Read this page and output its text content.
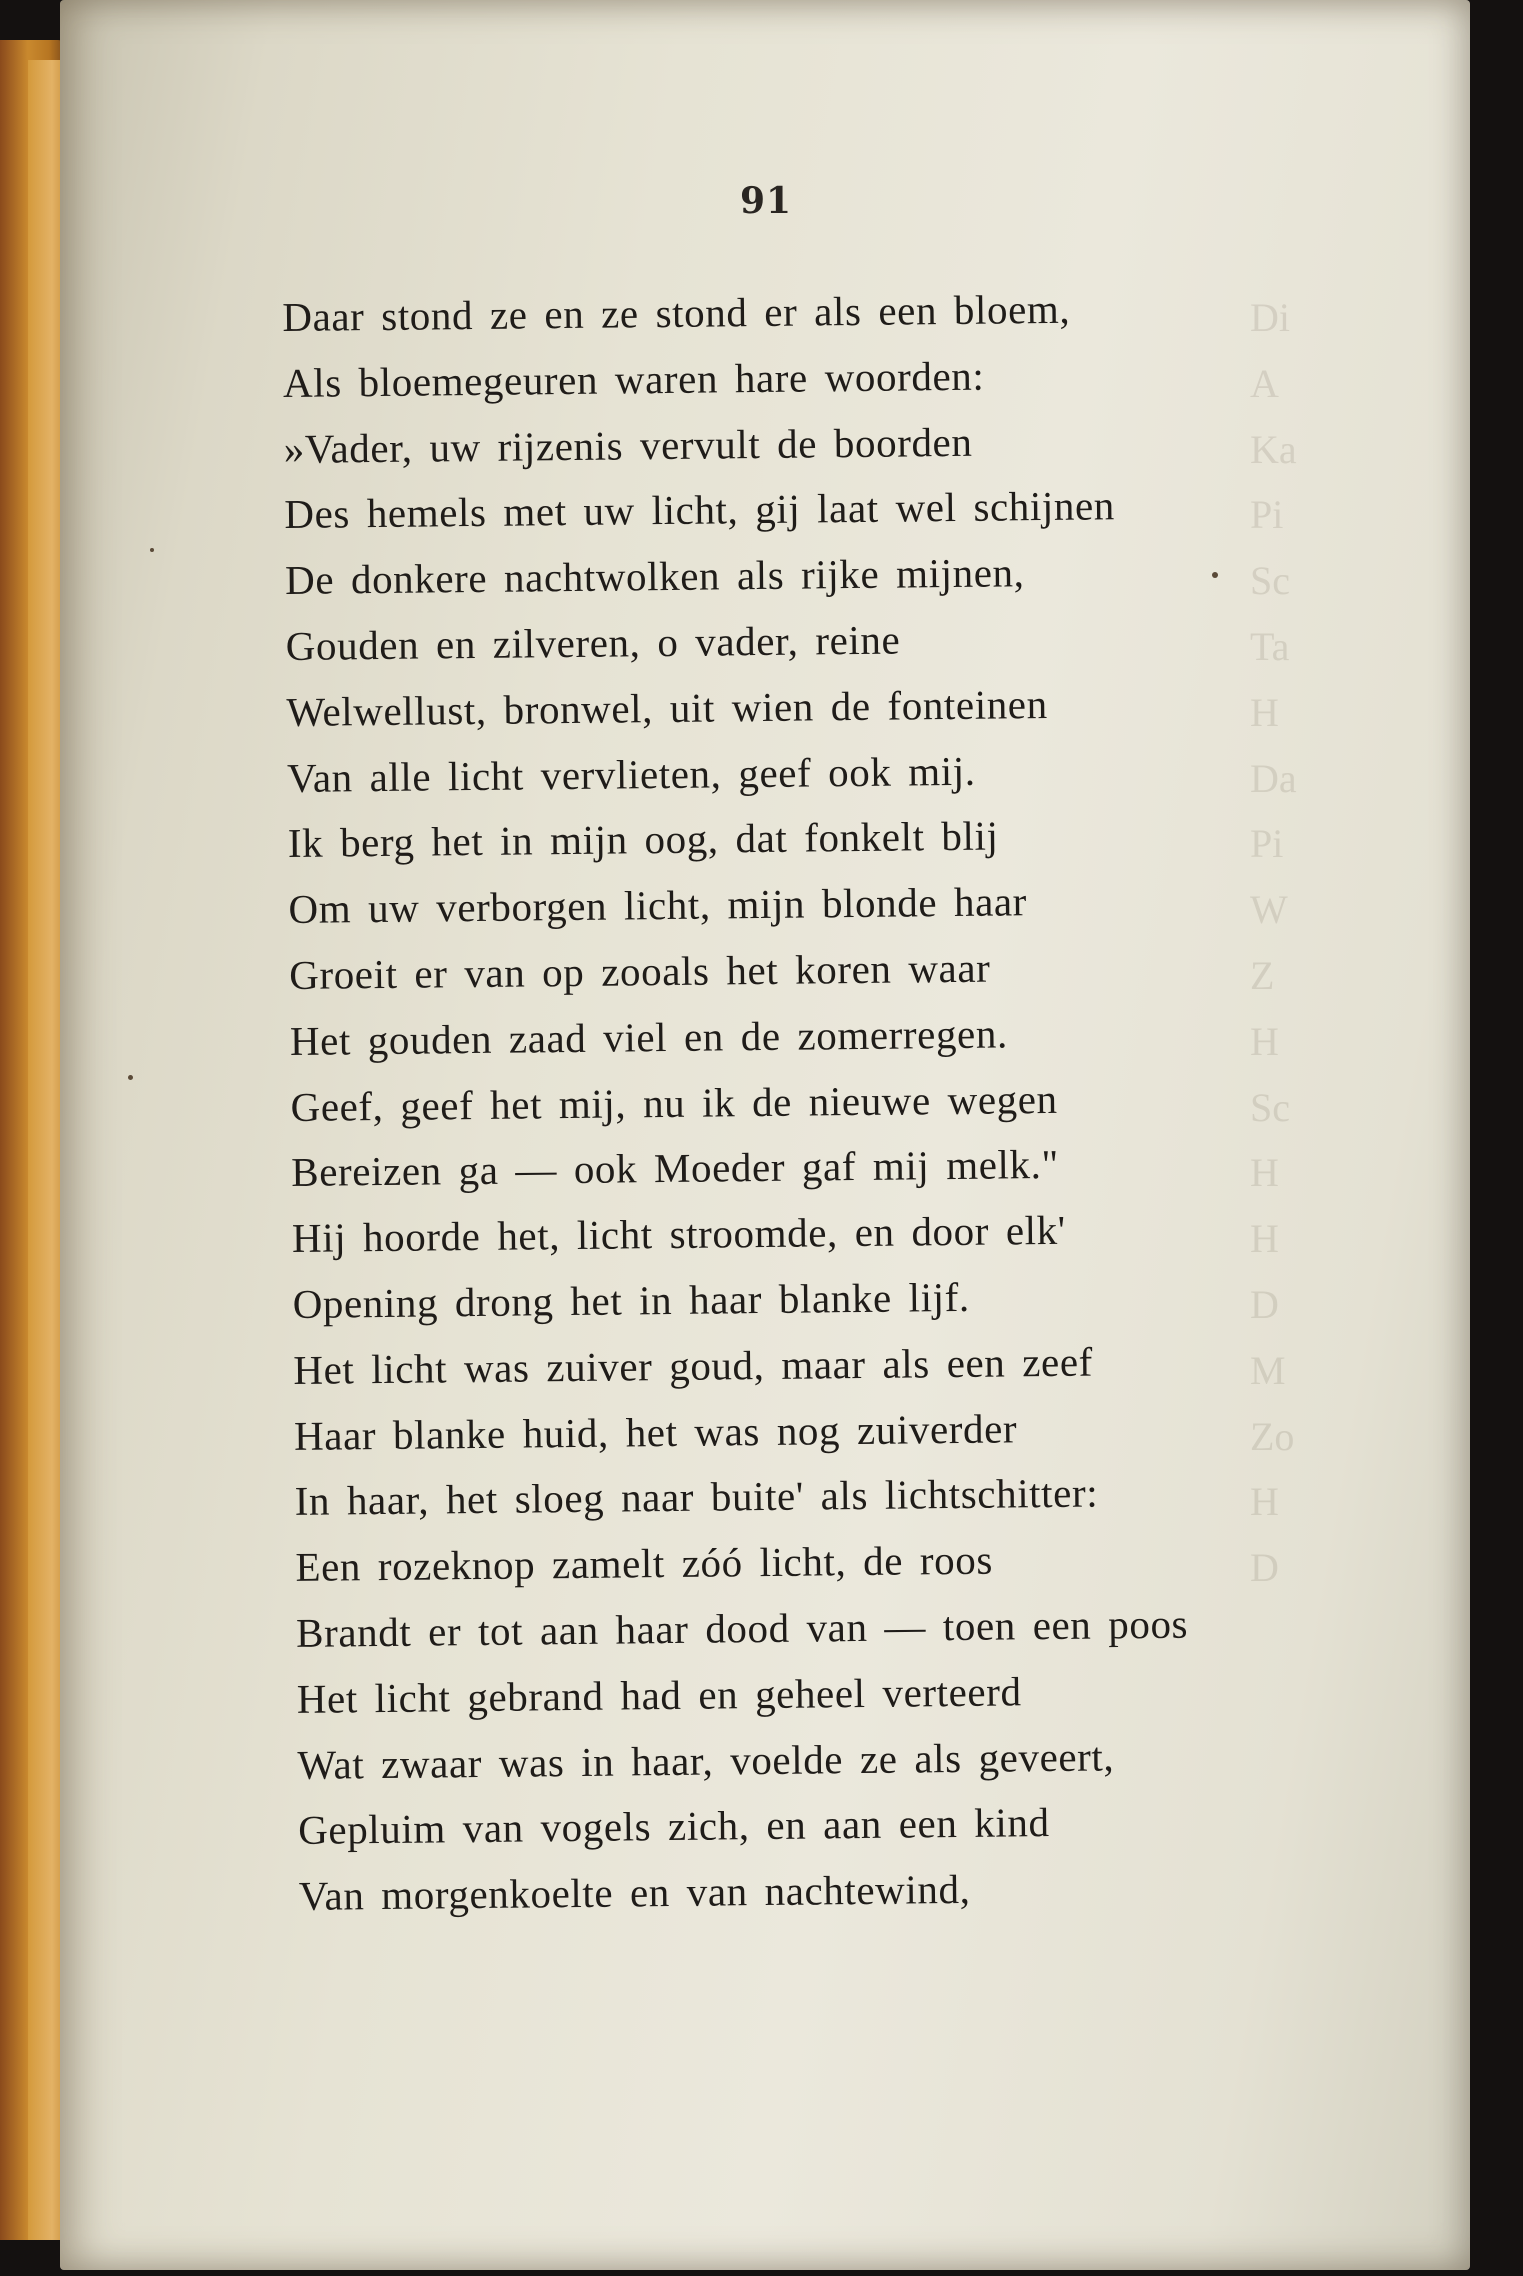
91
Di
A
Ka
Pi
Sc
Ta
H
Da
Pi
W
Z
H
Sc
H
H
D
M
Zo
H
D
Daar stond ze en ze stond er als een bloem,
Als bloemegeuren waren hare woorden:
»Vader, uw rijzenis vervult de boorden
Des hemels met uw licht, gij laat wel schijnen
De donkere nachtwolken als rijke mijnen,
Gouden en zilveren, o vader, reine
Welwellust, bronwel, uit wien de fonteinen
Van alle licht vervlieten, geef ook mij.
Ik berg het in mijn oog, dat fonkelt blij
Om uw verborgen licht, mijn blonde haar
Groeit er van op zooals het koren waar
Het gouden zaad viel en de zomerregen.
Geef, geef het mij, nu ik de nieuwe wegen
Bereizen ga — ook Moeder gaf mij melk."
Hij hoorde het, licht stroomde, en door elk'
Opening drong het in haar blanke lijf.
Het licht was zuiver goud, maar als een zeef
Haar blanke huid, het was nog zuiverder
In haar, het sloeg naar buite' als lichtschitter:
Een rozeknop zamelt zóó licht, de roos
Brandt er tot aan haar dood van — toen een poos
Het licht gebrand had en geheel verteerd
Wat zwaar was in haar, voelde ze als geveert,
Gepluim van vogels zich, en aan een kind
Van morgenkoelte en van nachtewind,
